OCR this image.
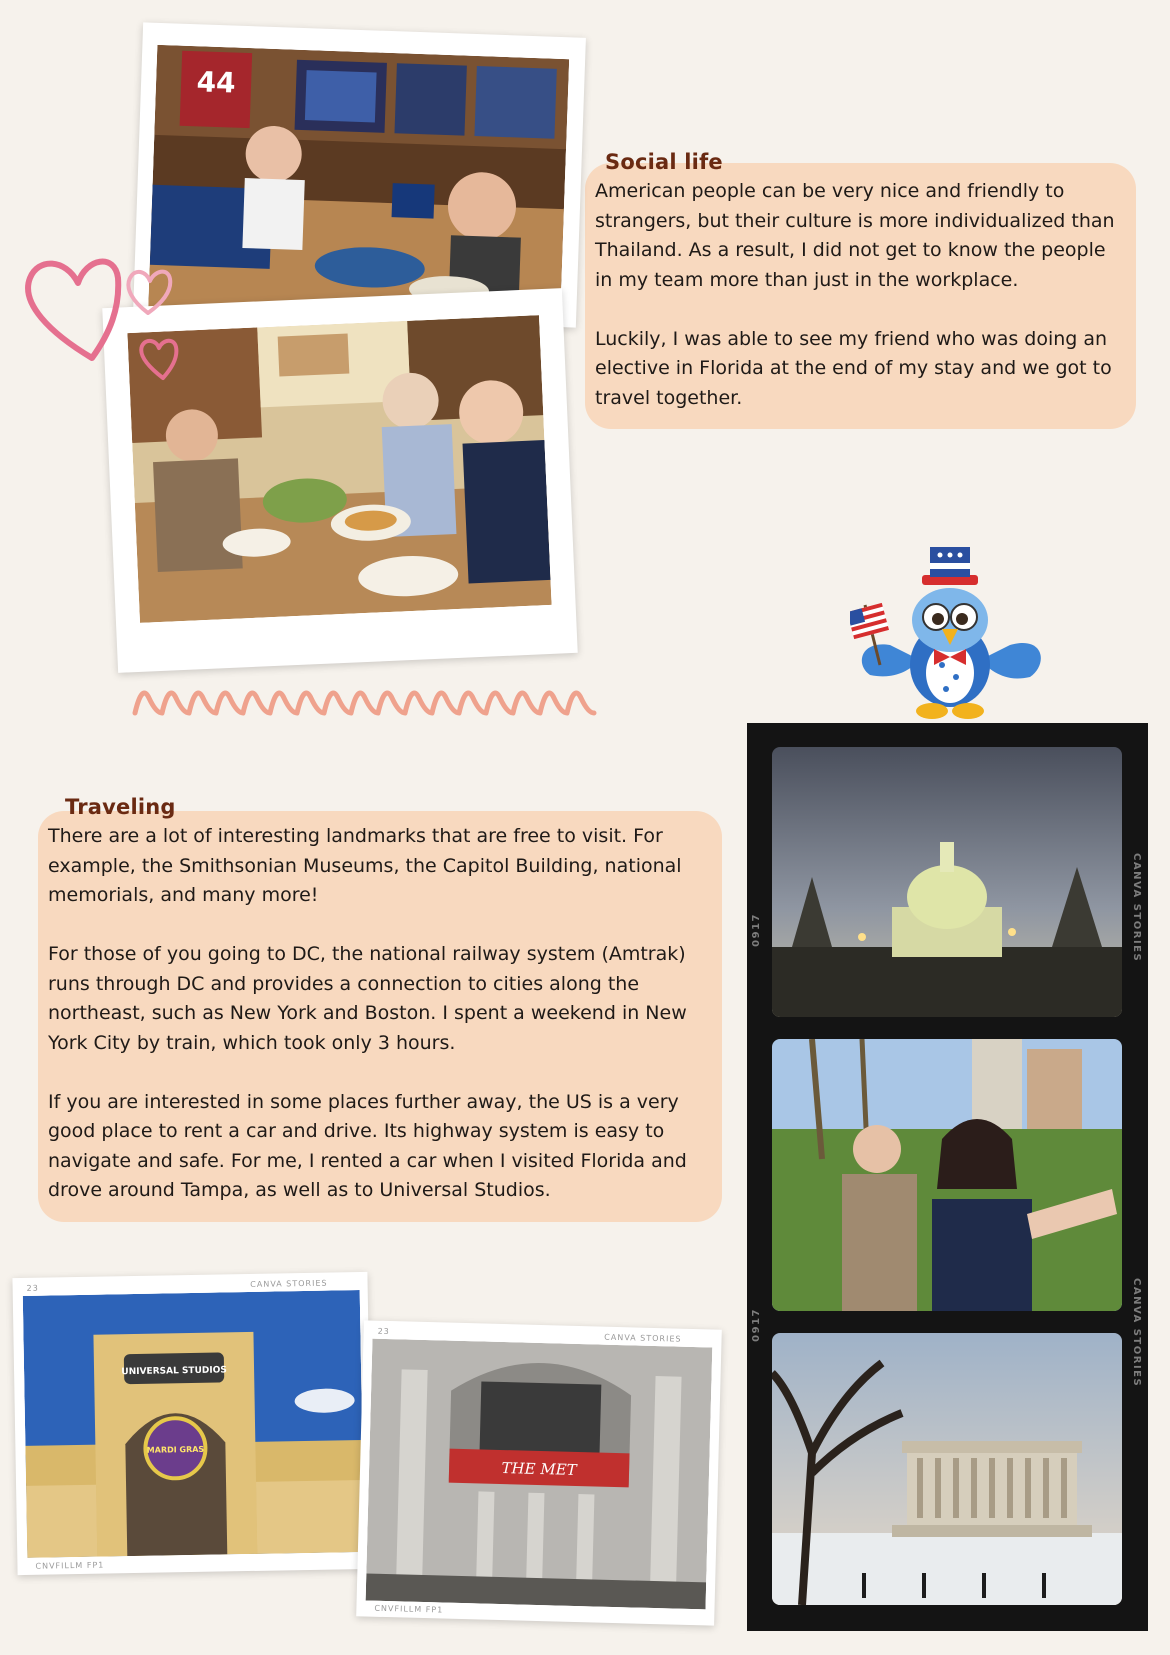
American people can be very nice and friendly to strangers, but their culture is more individualized than Thailand. As a result, I did not get to know the people in my team more than just in the workplace.

Luckily, I was able to see my friend who was doing an elective in Florida at the end of my stay and we got to travel together.

Social life

There are a lot of interesting landmarks that are free to visit. For example, the Smithsonian Museums, the Capitol Building, national memorials, and many more!

For those of you going to DC, the national railway system (Amtrak) runs through DC and provides a connection to cities along the northeast, such as New York and Boston. I spent a weekend in New York City by train, which took only 3 hours.

If you are interested in some places further away, the US is a very good place to rent a car and drive. Its highway system is easy to navigate and safe. For me, I rented a car when I visited Florida and drove around Tampa, as well as to Universal Studios.

Traveling
44
CANVA STORIES
CANVA STORIES
0917
0917
23	CANVA STORIES
CNVFILLM FP1
UNIVERSAL STUDIOS
MARDI GRAS
23
CANVA STORIES
CNVFILLM FP1
THE MET
